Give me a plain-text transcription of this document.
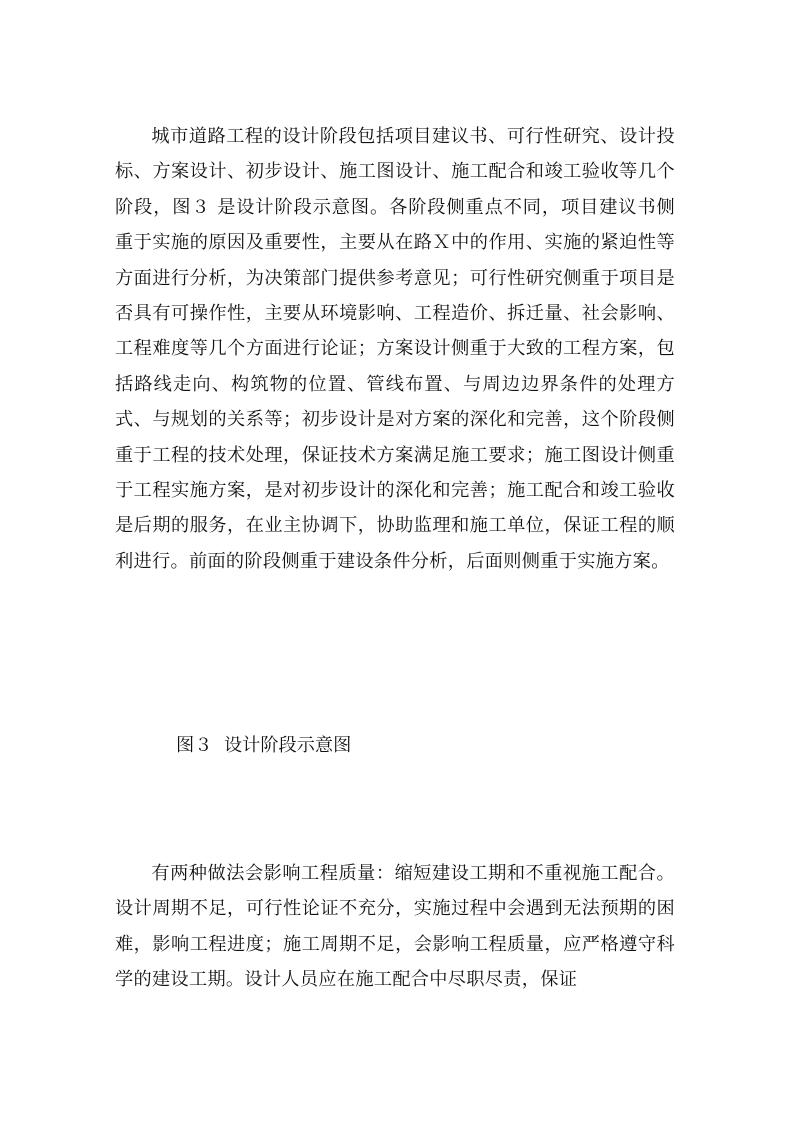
城市道路工程的设计阶段包括项目建议书、可行性研究、设计投标、方案设计、初步设计、施工图设计、施工配合和竣工验收等几个阶段，图３ 是设计阶段示意图。各阶段侧重点不同，项目建议书侧重于实施的原因及重要性，主要从在路Ｘ中的作用、实施的紧迫性等方面进行分析，为决策部门提供参考意见；可行性研究侧重于项目是否具有可操作性，主要从环境影响、工程造价、拆迁量、社会影响、工程难度等几个方面进行论证；方案设计侧重于大致的工程方案，包括路线走向、构筑物的位置、管线布置、与周边边界条件的处理方式、与规划的关系等；初步设计是对方案的深化和完善，这个阶段侧重于工程的技术处理，保证技术方案满足施工要求；施工图设计侧重于工程实施方案，是对初步设计的深化和完善；施工配合和竣工验收是后期的服务，在业主协调下，协助监理和施工单位，保证工程的顺利进行。前面的阶段侧重于建设条件分析，后面则侧重于实施方案。

图３  设计阶段示意图

有两种做法会影响工程质量：缩短建设工期和不重视施工配合。设计周期不足，可行性论证不充分，实施过程中会遇到无法预期的困难，影响工程进度；施工周期不足，会影响工程质量，应严格遵守科学的建设工期。设计人员应在施工配合中尽职尽责，保证
